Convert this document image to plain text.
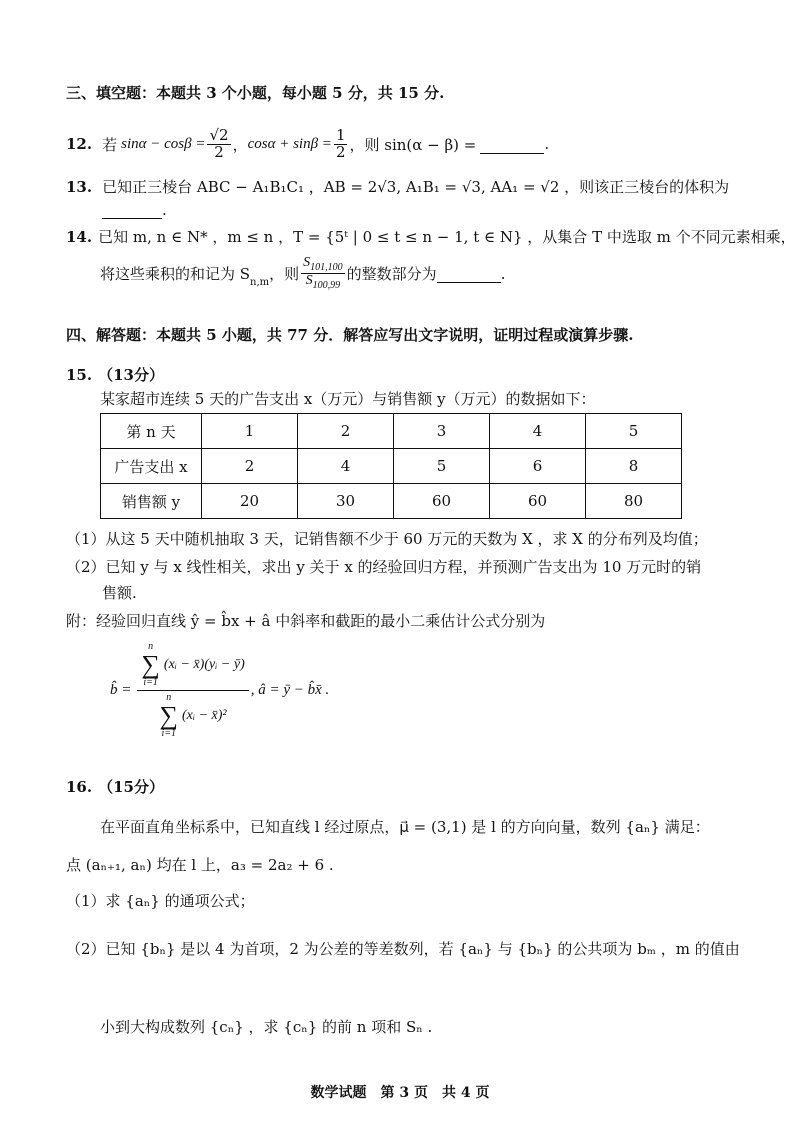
三、填空题：本题共 3 个小题，每小题 5 分，共 15 分.
12. 若 $\sin\alpha - \cos\beta = \frac{√2}{2}$ ， $\cos\alpha + \sin\beta = \frac{1}{2}$ ，则 sin(α − β) =	.
13. 已知正三棱台 ABC − A₁B₁C₁ ，AB = 2√3, A₁B₁ = √3, AA₁ = √2 ，则该正三棱台的体积为
.
14. 已知 m, n ∈ N* ，m ≤ n ，T = {5ᵗ | 0 ≤ t ≤ n − 1, t ∈ N} ，从集合 T 中选取 m 个不同元素相乘，
将这些乘积的和记为 $S_{n,m}$ ，则 $\frac{S_{101,100}}{S_{100,99}}$ 的整数部分为	.
四、解答题：本题共 5 小题，共 77 分．解答应写出文字说明，证明过程或演算步骤.
15. （13分）
某家超市连续 5 天的广告支出 x（万元）与销售额 y（万元）的数据如下：
第 n 天	1	2	3	4	5
广告支出 x	2	4	5	6	8
销售额 y	20	30	60	60	80
（1）从这 5 天中随机抽取 3 天，记销售额不少于 60 万元的天数为 X ，求 X 的分布列及均值；
（2）已知 y 与 x 线性相关，求出 y 关于 x 的经验回归方程，并预测广告支出为 10 万元时的销
售额.
附：经验回归直线 ŷ = b̂x + â 中斜率和截距的最小二乘估计公式分别为
b̂ = n
∑
i=1
(xᵢ − x̄)(yᵢ − ȳ)
n
∑
i=1
(xᵢ − x̄)² , â = ȳ − b̂x̄ .
16. （15分）
在平面直角坐标系中，已知直线 l 经过原点，μ⃗ = (3,1) 是 l 的方向向量，数列 {aₙ} 满足：
点 (aₙ₊₁, aₙ) 均在 l 上，a₃ = 2a₂ + 6 .
（1）求 {aₙ} 的通项公式；
（2）已知 {bₙ} 是以 4 为首项，2 为公差的等差数列，若 {aₙ} 与 {bₙ} 的公共项为 bₘ ，m 的值由
小到大构成数列 {cₙ} ，求 {cₙ} 的前 n 项和 Sₙ .
数学试题　第 3 页　共 4 页
